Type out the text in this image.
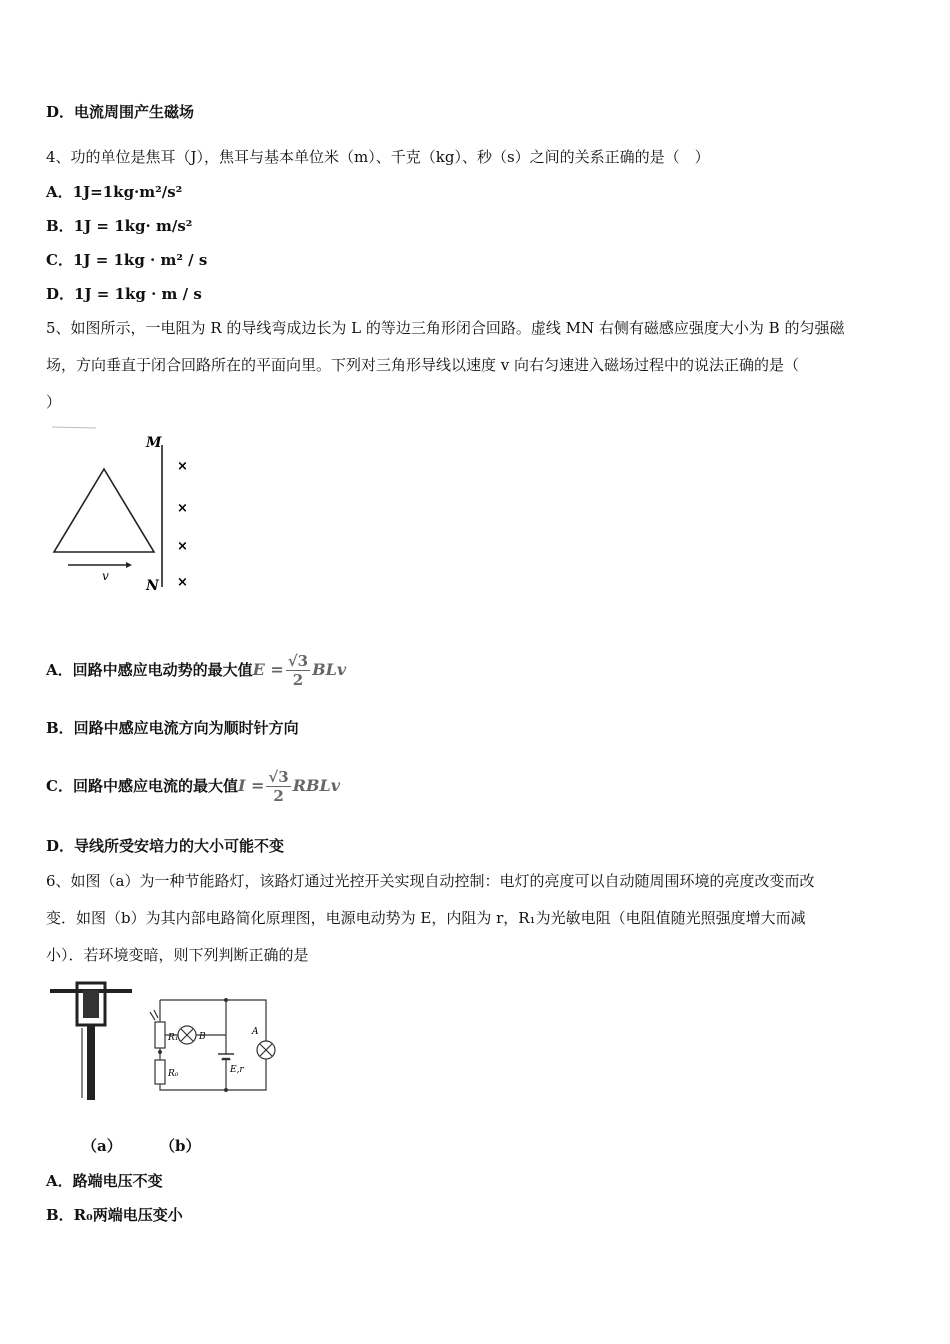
D．电流周围产生磁场
4、功的单位是焦耳（J），焦耳与基本单位米（m）、千克（kg）、秒（s）之间的关系正确的是（　）
A．1J=1kg·m²/s²
B．1J = 1kg· m/s²
C．1J = 1kg · m² / s
D．1J = 1kg · m / s
5、如图所示，一电阻为 R 的导线弯成边长为 L 的等边三角形闭合回路。虚线 MN 右侧有磁感应强度大小为 B 的匀强磁
场，方向垂直于闭合回路所在的平面向里。下列对三角形导线以速度 v 向右匀速进入磁场过程中的说法正确的是（
）
M
N
×
×
×
×
v
A．回路中感应电动势的最大值$E = \frac{√3}{2}$ BLv
B．回路中感应电流方向为顺时针方向
C．回路中感应电流的最大值$I = \frac{√3}{2}$ RBLv
D．导线所受安培力的大小可能不变
6、如图（a）为一种节能路灯，该路灯通过光控开关实现自动控制：电灯的亮度可以自动随周围环境的亮度改变而改
变．如图（b）为其内部电路简化原理图，电源电动势为 E，内阻为 r，R₁为光敏电阻（电阻值随光照强度增大而减
小）．若环境变暗，则下列判断正确的是
R₁ B	A
R₀	E,r
（a）	（b）
A．路端电压不变
B．R₀两端电压变小
